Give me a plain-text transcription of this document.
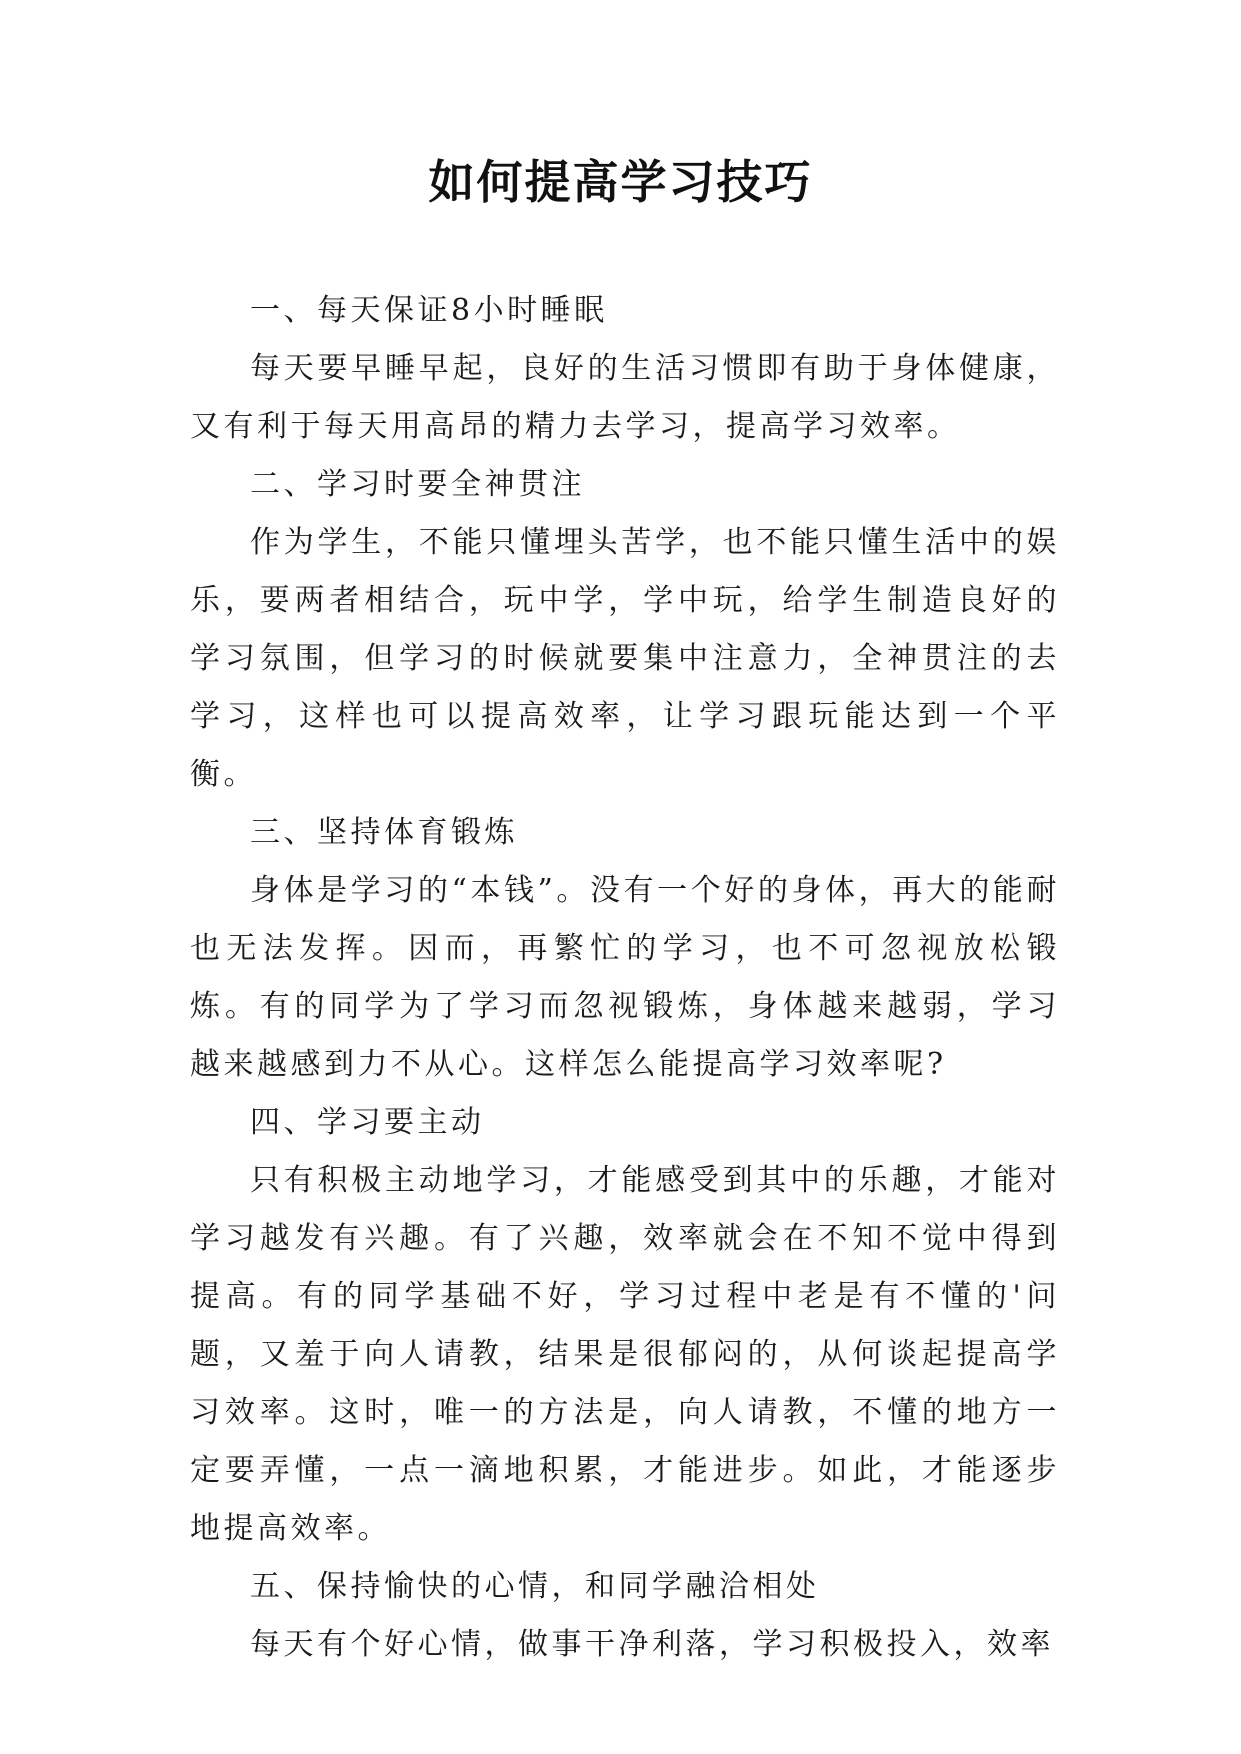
如何提高学习技巧

一、每天保证8小时睡眠

每天要早睡早起，良好的生活习惯即有助于身体健康，又有利于每天用高昂的精力去学习，提高学习效率。

二、学习时要全神贯注

作为学生，不能只懂埋头苦学，也不能只懂生活中的娱乐，要两者相结合，玩中学，学中玩，给学生制造良好的学习氛围，但学习的时候就要集中注意力，全神贯注的去学习，这样也可以提高效率，让学习跟玩能达到一个平衡。

三、坚持体育锻炼

身体是学习的“本钱”。没有一个好的身体，再大的能耐也无法发挥。因而，再繁忙的学习，也不可忽视放松锻炼。有的同学为了学习而忽视锻炼，身体越来越弱，学习越来越感到力不从心。这样怎么能提高学习效率呢?

四、学习要主动

只有积极主动地学习，才能感受到其中的乐趣，才能对学习越发有兴趣。有了兴趣，效率就会在不知不觉中得到提高。有的同学基础不好，学习过程中老是有不懂的'问题，又羞于向人请教，结果是很郁闷的，从何谈起提高学习效率。这时，唯一的方法是，向人请教，不懂的地方一定要弄懂，一点一滴地积累，才能进步。如此，才能逐步地提高效率。

五、保持愉快的心情，和同学融洽相处

每天有个好心情，做事干净利落，学习积极投入，效率
